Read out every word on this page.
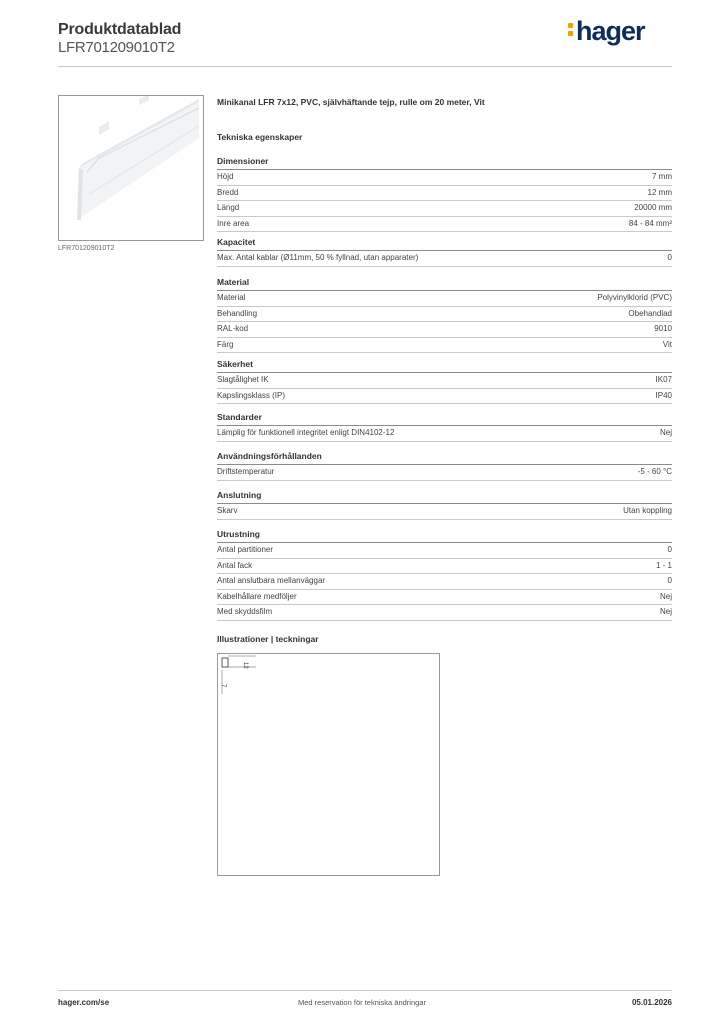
Produktdatablad
LFR701209010T2
hager
LFR701209010T2
Minikanal LFR 7x12, PVC, självhäftande tejp, rulle om 20 meter, Vit
Tekniska egenskaper
Dimensioner
Höjd	7 mm
Bredd	12 mm
Längd	20000 mm
Inre area	84 - 84 mm²
Kapacitet
Max. Antal kablar (Ø11mm, 50 % fyllnad, utan apparater)	0
Material
Material	Polyvinylklorid (PVC)
Behandling	Obehandlad
RAL-kod	9010
Färg	Vit
Säkerhet
Slagtålighet IK	IK07
Kapslingsklass (IP)	IP40
Standarder
Lämplig för funktionell integritet enligt DIN4102-12	Nej
Användningsförhållanden
Driftstemperatur	-5 - 60 °C
Anslutning
Skarv	Utan koppling
Utrustning
Antal partitioner	0
Antal fack	1 - 1
Antal anslutbara mellanväggar	0
Kabelhållare medföljer	Nej
Med skyddsfilm	Nej
Illustrationer | teckningar
12
7
hager.com/se	Med reservation för tekniska ändringar	05.01.2026
